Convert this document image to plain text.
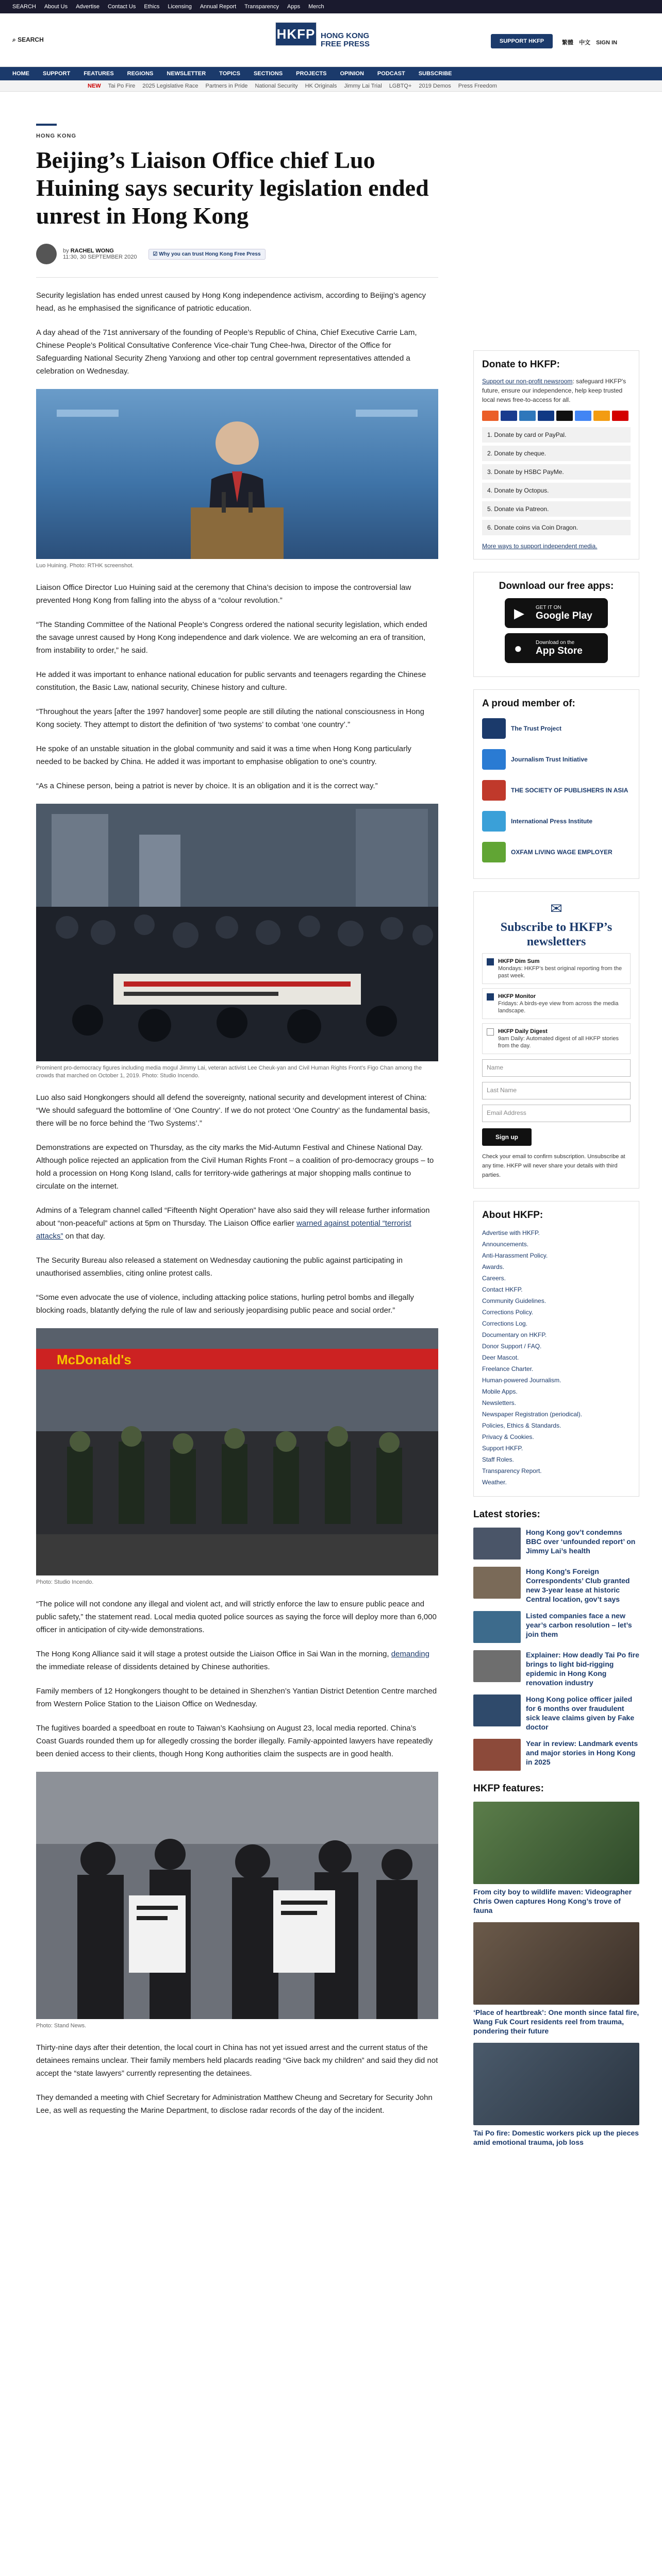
SEARCH About Us Advertise Contact Us Ethics Licensing Annual Report Transparency Apps Merch
⌕ SEARCH	HKFP HONG KONG
FREE PRESS	SUPPORT HKFP	繁體 中文 SIGN IN
HOME SUPPORT FEATURES REGIONS NEWSLETTER TOPICS SECTIONS PROJECTS OPINION PODCAST SUBSCRIBE
NEW Tai Po Fire 2025 Legislative Race Partners in Pride National Security HK Originals Jimmy Lai Trial LGBTQ+ 2019 Demos Press Freedom
HONG KONG
Beijing’s Liaison Office chief Luo Huining says security legislation ended unrest in Hong Kong
by RACHEL WONG
11:30, 30 SEPTEMBER 2020	☑ Why you can trust Hong Kong Free Press

Security legislation has ended unrest caused by Hong Kong independence activism, according to Beijing’s agency head, as he emphasised the significance of patriotic education.

A day ahead of the 71st anniversary of the founding of People’s Republic of China, Chief Executive Carrie Lam, Chinese People’s Political Consultative Conference Vice-chair Tung Chee-hwa, Director of the Office for Safeguarding National Security Zheng Yanxiong and other top central government representatives attended a celebration on Wednesday.

Luo Huining. Photo: RTHK screenshot.

Liaison Office Director Luo Huining said at the ceremony that China’s decision to impose the controversial law prevented Hong Kong from falling into the abyss of a “colour revolution.”

“The Standing Committee of the National People’s Congress ordered the national security legislation, which ended the savage unrest caused by Hong Kong independence and dark violence. We are welcoming an era of transition, from instability to order,” he said.

He added it was important to enhance national education for public servants and teenagers regarding the Chinese constitution, the Basic Law, national security, Chinese history and culture.

“Throughout the years [after the 1997 handover] some people are still diluting the national consciousness in Hong Kong society. They attempt to distort the definition of ‘two systems’ to combat ‘one country’.”

He spoke of an unstable situation in the global community and said it was a time when Hong Kong particularly needed to be backed by China. He added it was important to emphasise obligation to one’s country.

“As a Chinese person, being a patriot is never by choice. It is an obligation and it is the correct way.”

Prominent pro-democracy figures including media mogul Jimmy Lai, veteran activist Lee Cheuk-yan and Civil Human Rights Front’s Figo Chan among the crowds that marched on October 1, 2019. Photo: Studio Incendo.

Luo also said Hongkongers should all defend the sovereignty, national security and development interest of China: “We should safeguard the bottomline of ‘One Country’. If we do not protect ‘One Country’ as the fundamental basis, there will be no force behind the ‘Two Systems’.”

Demonstrations are expected on Thursday, as the city marks the Mid-Autumn Festival and Chinese National Day. Although police rejected an application from the Civil Human Rights Front – a coalition of pro-democracy groups – to hold a procession on Hong Kong Island, calls for territory-wide gatherings at major shopping malls continue to circulate on the internet.

Admins of a Telegram channel called “Fifteenth Night Operation” have also said they will release further information about “non-peaceful” actions at 5pm on Thursday. The Liaison Office earlier warned against potential “terrorist attacks” on that day.

The Security Bureau also released a statement on Wednesday cautioning the public against participating in unauthorised assemblies, citing online protest calls.

“Some even advocate the use of violence, including attacking police stations, hurling petrol bombs and illegally blocking roads, blatantly defying the rule of law and seriously jeopardising public peace and social order.”

McDonald's
Photo: Studio Incendo.

“The police will not condone any illegal and violent act, and will strictly enforce the law to ensure public peace and public safety,” the statement read. Local media quoted police sources as saying the force will deploy more than 6,000 officer in anticipation of city-wide demonstrations.

The Hong Kong Alliance said it will stage a protest outside the Liaison Office in Sai Wan in the morning, demanding the immediate release of dissidents detained by Chinese authorities.

Family members of 12 Hongkongers thought to be detained in Shenzhen’s Yantian District Detention Centre marched from Western Police Station to the Liaison Office on Wednesday.

The fugitives boarded a speedboat en route to Taiwan’s Kaohsiung on August 23, local media reported. China’s Coast Guards rounded them up for allegedly crossing the border illegally. Family-appointed lawyers have repeatedly been denied access to their clients, though Hong Kong authorities claim the suspects are in good health.

Photo: Stand News.

Thirty-nine days after their detention, the local court in China has not yet issued arrest and the current status of the detainees remains unclear. Their family members held placards reading “Give back my children” and said they did not accept the “state lawyers” currently representing the detainees.

They demanded a meeting with Chief Secretary for Administration Matthew Cheung and Secretary for Security John Lee, as well as requesting the Marine Department, to disclose radar records of the day of the incident.

Donate to HKFP:
Support our non-profit newsroom: safeguard HKFP's future, ensure our independence, help keep trusted local news free-to-access for all.
1. Donate by card or PayPal.
2. Donate by cheque.
3. Donate by HSBC PayMe.
4. Donate by Octopus.
5. Donate via Patreon.
6. Donate coins via Coin Dragon.
More ways to support independent media.
Download our free apps:
▶ GET IT ON
Google Play
●	Download on the
App Store
A proud member of:
The Trust Project
Journalism Trust Initiative
THE SOCIETY OF PUBLISHERS IN ASIA
International Press Institute
OXFAM LIVING WAGE EMPLOYER
✉
Subscribe to HKFP’s newsletters
HKFP Dim Sum
Mondays: HKFP’s best original reporting from the past week.
HKFP Monitor
Fridays: A birds-eye view from across the media landscape.
HKFP Daily Digest
9am Daily: Automated digest of all HKFP stories from the day.
Name
Last Name
Email Address
Sign up
Check your email to confirm subscription. Unsubscribe at any time. HKFP will never share your details with third parties.
About HKFP:
Advertise with HKFP.
Announcements.
Anti-Harassment Policy.
Awards.
Careers.
Contact HKFP.
Community Guidelines.
Corrections Policy.
Corrections Log.
Documentary on HKFP.
Donor Support / FAQ.
Deer Mascot.
Freelance Charter.
Human-powered Journalism.
Mobile Apps.
Newsletters.
Newspaper Registration (periodical).
Policies, Ethics & Standards.
Privacy & Cookies.
Support HKFP.
Staff Roles.
Transparency Report.
Weather.
Latest stories:
Hong Kong gov’t condemns BBC over ‘unfounded report’ on Jimmy Lai’s health
Hong Kong’s Foreign Correspondents’ Club granted new 3-year lease at historic Central location, gov’t says
Listed companies face a new year’s carbon resolution – let’s join them
Explainer: How deadly Tai Po fire brings to light bid-rigging epidemic in Hong Kong renovation industry
Hong Kong police officer jailed for 6 months over fraudulent sick leave claims given by Fake doctor
Year in review: Landmark events and major stories in Hong Kong in 2025
HKFP features:
From city boy to wildlife maven: Videographer Chris Owen captures Hong Kong’s trove of fauna
‘Place of heartbreak’: One month since fatal fire, Wang Fuk Court residents reel from trauma, pondering their future
Tai Po fire: Domestic workers pick up the pieces amid emotional trauma, job loss
